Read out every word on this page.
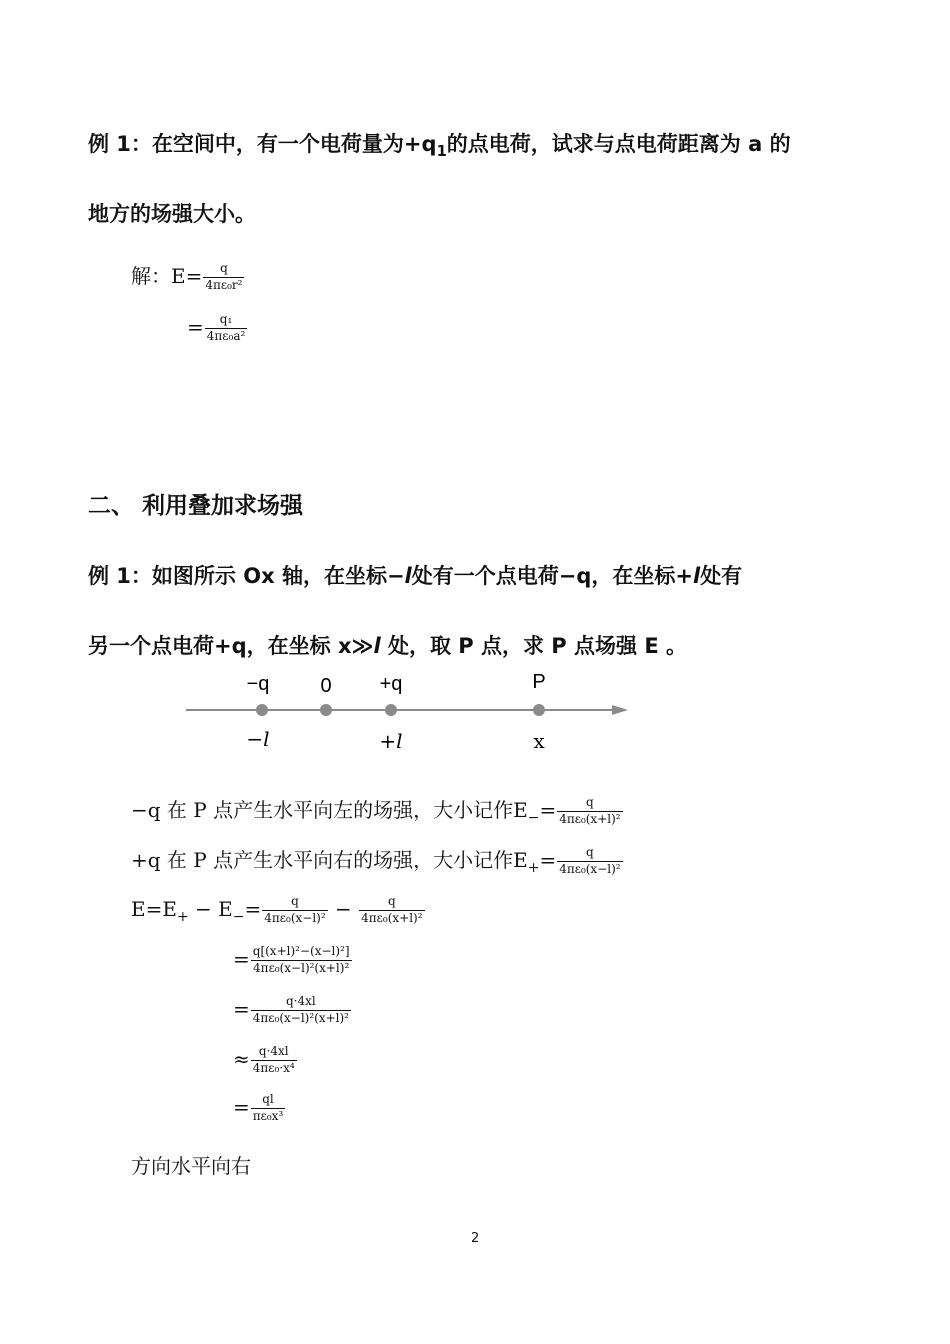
例 1：在空间中，有一个电荷量为$+q_1$的点电荷，试求与点电荷距离为 a 的
地方的场强大小。
解：$E= \frac{q}{\text{4πε₀r²}}$
= $\frac{\text{q₁}}{\text{4πε₀a²}}$
二、 利用叠加求场强
例 1：如图所示 Ox 轴，在坐标−l处有一个点电荷−q，在坐标+l处有
另一个点电荷+q，在坐标 x≫l 处，取 P 点，求 P 点场强 E 。
−q	0 +q	P
−l	+l	x
−q 在 P 点产生水平向左的场强，大小记作$E_-= \frac{q}{\text{4πε₀(x+l)²}}$
+q 在 P 点产生水平向右的场强，大小记作$E_+= \frac{q}{\text{4πε₀(x−l)²}}$
$E=E_+ - E_-= \frac{q}{\text{4πε₀(x−l)²}} - \frac{q}{\text{4πε₀(x+l)²}}$
= $\frac{\text{q[(x+l)²−(x−l)²]}}{\text{4πε₀(x−l)²(x+l)²}}$
= $\frac{q\cdot 4xl}{\text{4πε₀(x−l)²(x+l)²}}$
≈ $\frac{q\cdot 4xl}{\text{4πε₀·x⁴}}$
= $\frac{ql}{\text{πε₀x³}}$
方向水平向右
2
